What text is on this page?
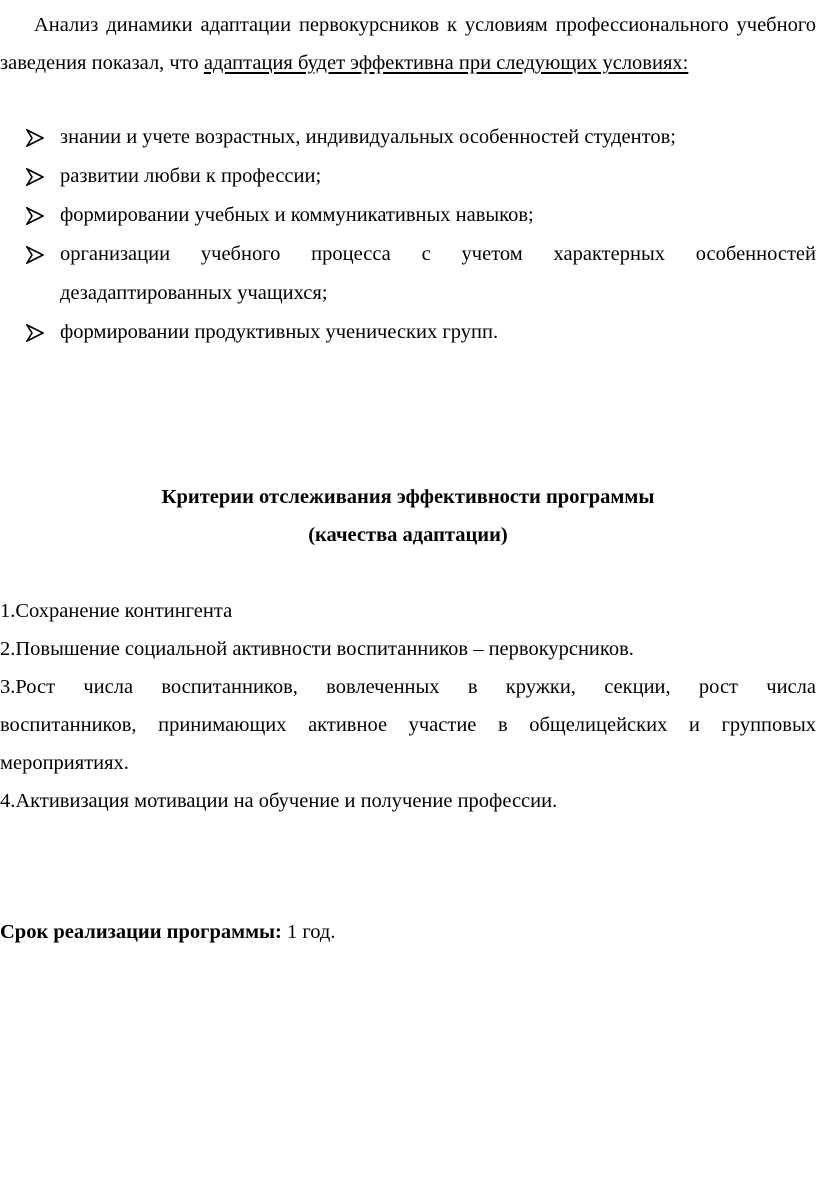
Анализ динамики адаптации первокурсников к условиям профессионального учебного заведения показал, что адаптация будет эффективна при следующих условиях:

знании и учете возрастных, индивидуальных особенностей студентов;
развитии любви к профессии;
формировании учебных и коммуникативных навыков;
организации учебного процесса с учетом характерных особенностей
дезадаптированных учащихся;
формировании продуктивных ученических групп.

Критерии отслеживания эффективности программы

(качества адаптации)

1.Сохранение контингента
2.Повышение социальной активности воспитанников – первокурсников.
3.Рост числа воспитанников, вовлеченных в кружки, секции, рост числа
воспитанников, принимающих активное участие в общелицейских и групповых
мероприятиях.
4.Активизация мотивации на обучение и получение профессии.

Срок реализации программы: 1 год.
